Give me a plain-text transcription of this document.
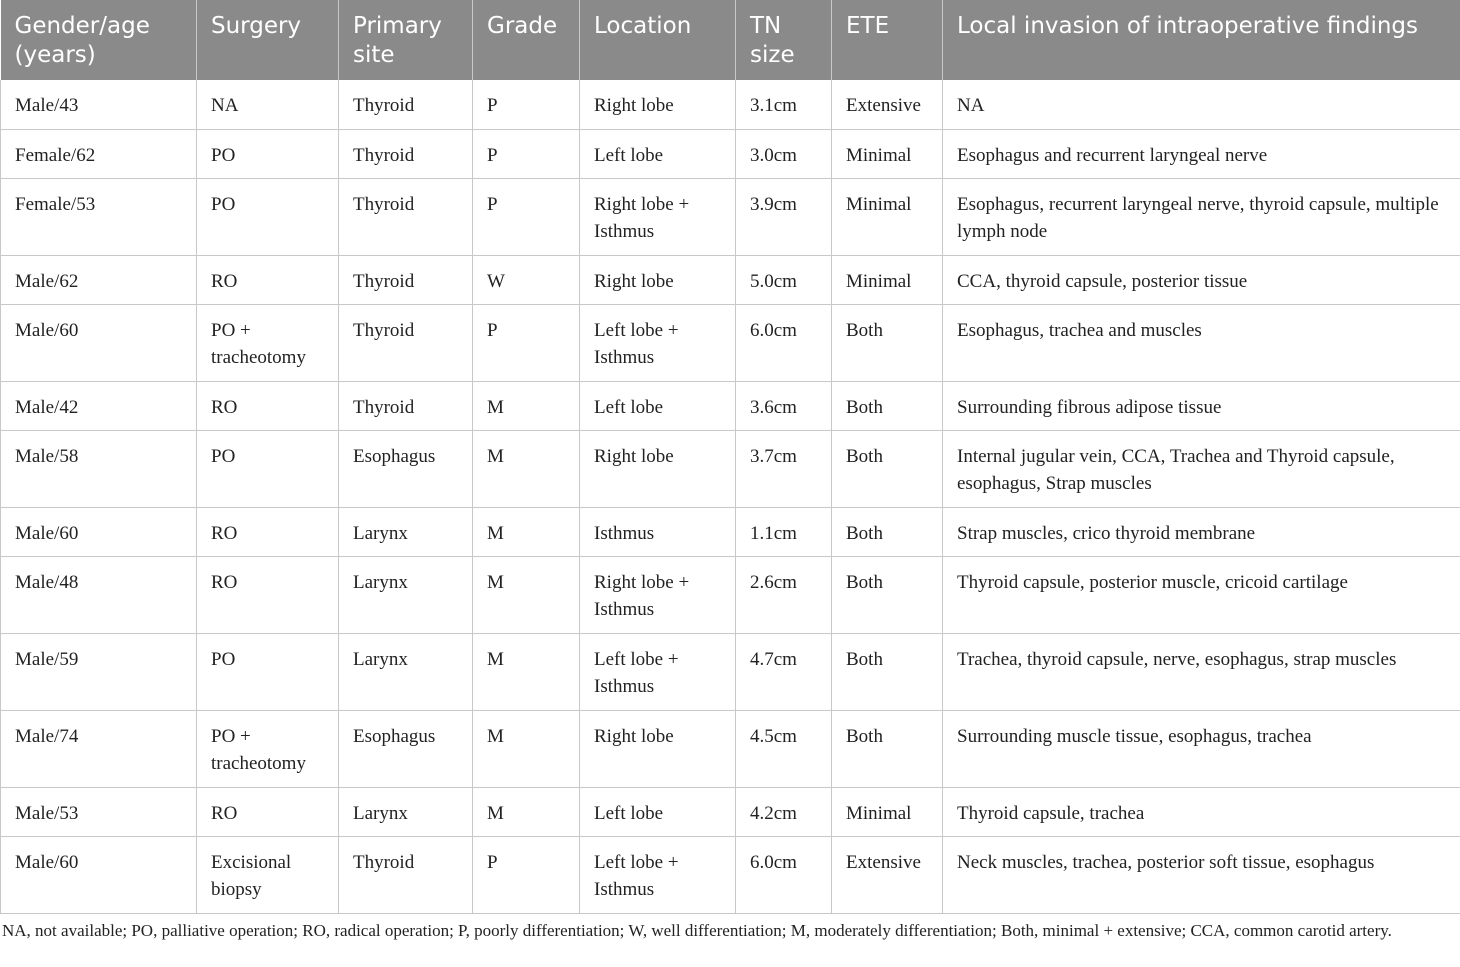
Gender/age (years)	Surgery	Primary site	Grade	Location	TN size	ETE	Local invasion of intraoperative findings
Male/43	NA	Thyroid	P	Right lobe	3.1cm	Extensive	NA
Female/62	PO	Thyroid	P	Left lobe	3.0cm	Minimal	Esophagus and recurrent laryngeal nerve
Female/53	PO	Thyroid	P	Right lobe + Isthmus	3.9cm	Minimal	Esophagus, recurrent laryngeal nerve, thyroid capsule, multiple lymph node
Male/62	RO	Thyroid	W	Right lobe	5.0cm	Minimal	CCA, thyroid capsule, posterior tissue
Male/60	PO + tracheotomy	Thyroid	P	Left lobe + Isthmus	6.0cm	Both	Esophagus, trachea and muscles
Male/42	RO	Thyroid	M	Left lobe	3.6cm	Both	Surrounding fibrous adipose tissue
Male/58	PO	Esophagus	M	Right lobe	3.7cm	Both	Internal jugular vein, CCA, Trachea and Thyroid capsule, esophagus, Strap muscles
Male/60	RO	Larynx	M	Isthmus	1.1cm	Both	Strap muscles, crico thyroid membrane
Male/48	RO	Larynx	M	Right lobe + Isthmus	2.6cm	Both	Thyroid capsule, posterior muscle, cricoid cartilage
Male/59	PO	Larynx	M	Left lobe + Isthmus	4.7cm	Both	Trachea, thyroid capsule, nerve, esophagus, strap muscles
Male/74	PO + tracheotomy	Esophagus	M	Right lobe	4.5cm	Both	Surrounding muscle tissue, esophagus, trachea
Male/53	RO	Larynx	M	Left lobe	4.2cm	Minimal	Thyroid capsule, trachea
Male/60	Excisional biopsy	Thyroid	P	Left lobe + Isthmus	6.0cm	Extensive	Neck muscles, trachea, posterior soft tissue, esophagus

NA, not available; PO, palliative operation; RO, radical operation; P, poorly differentiation; W, well differentiation; M, moderately differentiation; Both, minimal + extensive; CCA, common carotid artery.
